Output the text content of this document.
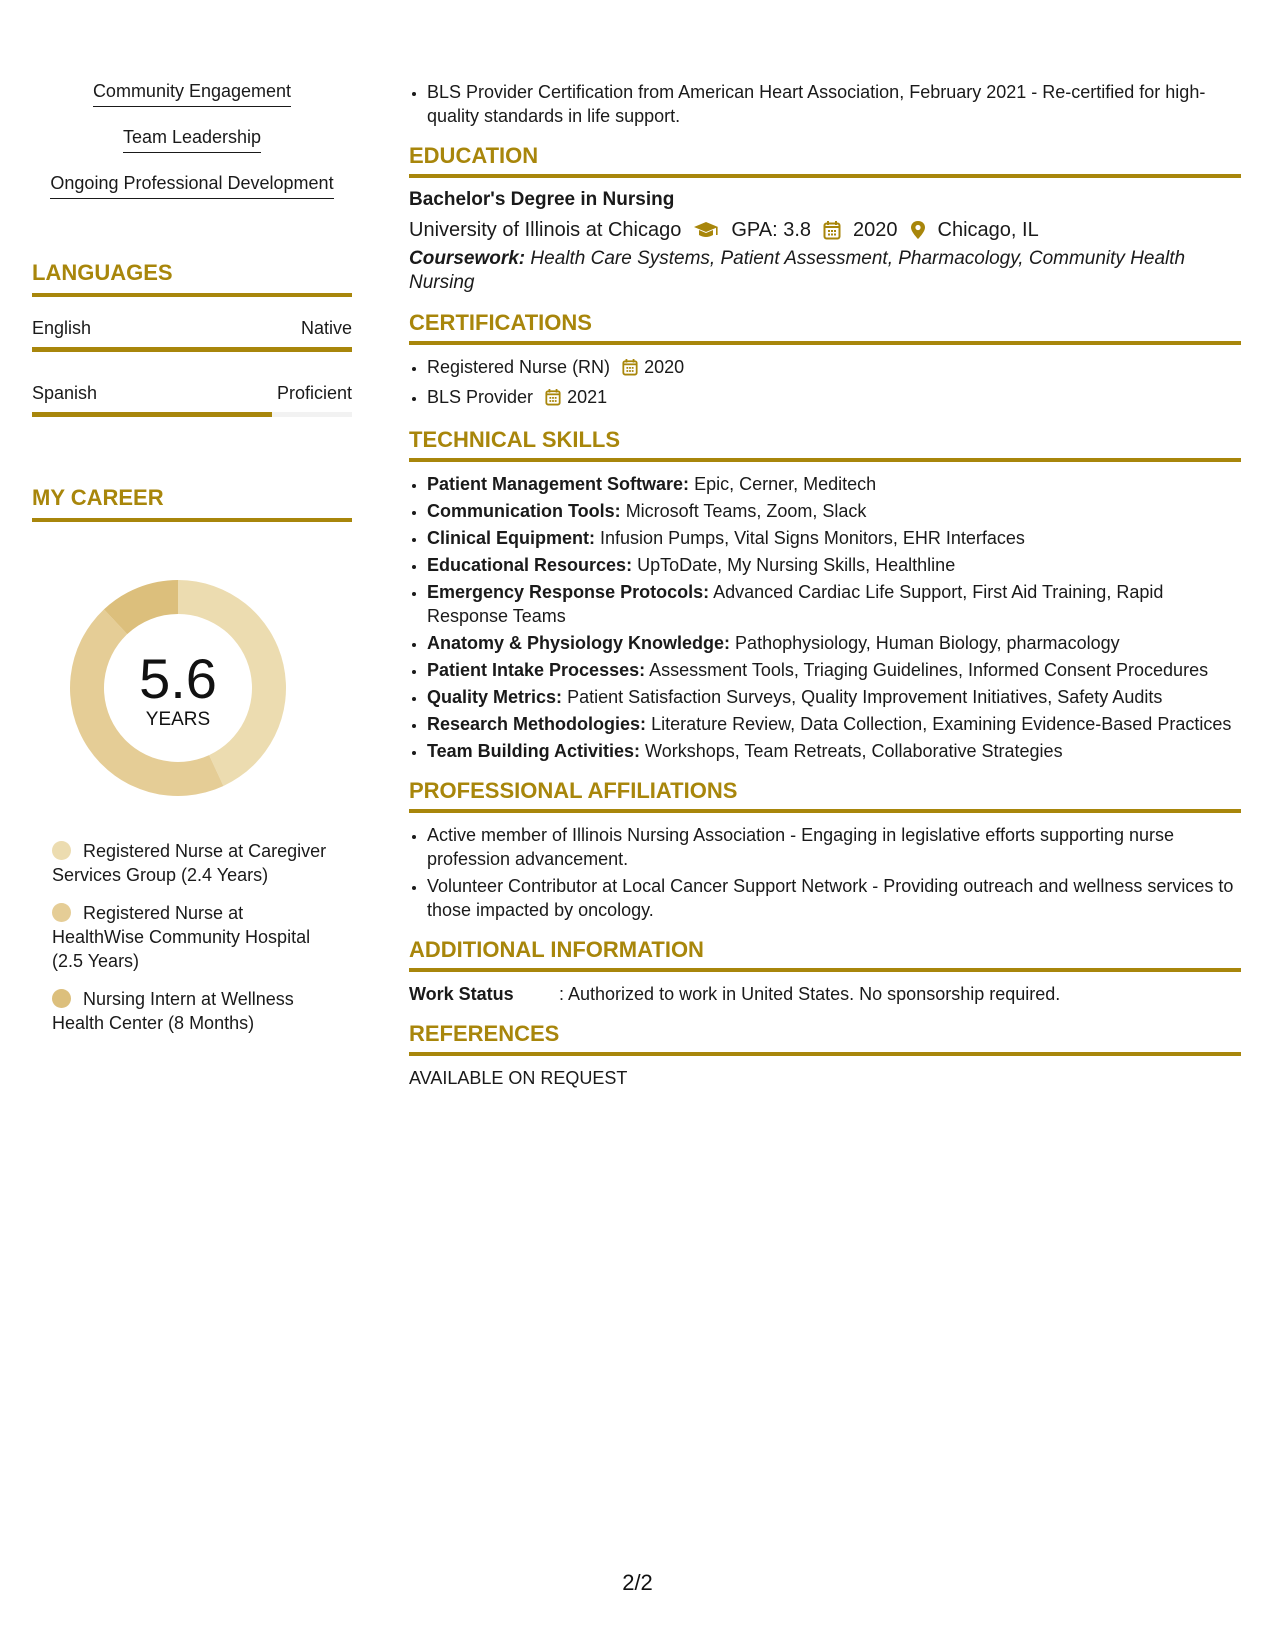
Community Engagement
Team Leadership
Ongoing Professional Development
LANGUAGES
English	Native
Spanish	Proficient
MY CAREER
5.6
YEARS
Registered Nurse at Caregiver Services Group (2.4 Years)
Registered Nurse at HealthWise Community Hospital (2.5 Years)
Nursing Intern at Wellness Health Center (8 Months)
• BLS Provider Certification from American Heart Association, February 2021 - Re-certified for high-quality standards in life support.
EDUCATION
Bachelor's Degree in Nursing
University of Illinois at Chicago	GPA: 3.8 2020 Chicago, IL
Coursework: Health Care Systems, Patient Assessment, Pharmacology, Community Health Nursing
CERTIFICATIONS
• Registered Nurse (RN) 2020
• BLS Provider 2021
TECHNICAL SKILLS
• Patient Management Software: Epic, Cerner, Meditech
• Communication Tools: Microsoft Teams, Zoom, Slack
• Clinical Equipment: Infusion Pumps, Vital Signs Monitors, EHR Interfaces
• Educational Resources: UpToDate, My Nursing Skills, Healthline
• Emergency Response Protocols: Advanced Cardiac Life Support, First Aid Training, Rapid Response Teams
• Anatomy & Physiology Knowledge: Pathophysiology, Human Biology, pharmacology
• Patient Intake Processes: Assessment Tools, Triaging Guidelines, Informed Consent Procedures
• Quality Metrics: Patient Satisfaction Surveys, Quality Improvement Initiatives, Safety Audits
• Research Methodologies: Literature Review, Data Collection, Examining Evidence-Based Practices
• Team Building Activities: Workshops, Team Retreats, Collaborative Strategies
PROFESSIONAL AFFILIATIONS
• Active member of Illinois Nursing Association - Engaging in legislative efforts supporting nurse profession advancement.
• Volunteer Contributor at Local Cancer Support Network - Providing outreach and wellness services to those impacted by oncology.
ADDITIONAL INFORMATION
Work Status	: Authorized to work in United States. No sponsorship required.
REFERENCES
AVAILABLE ON REQUEST
2/2
